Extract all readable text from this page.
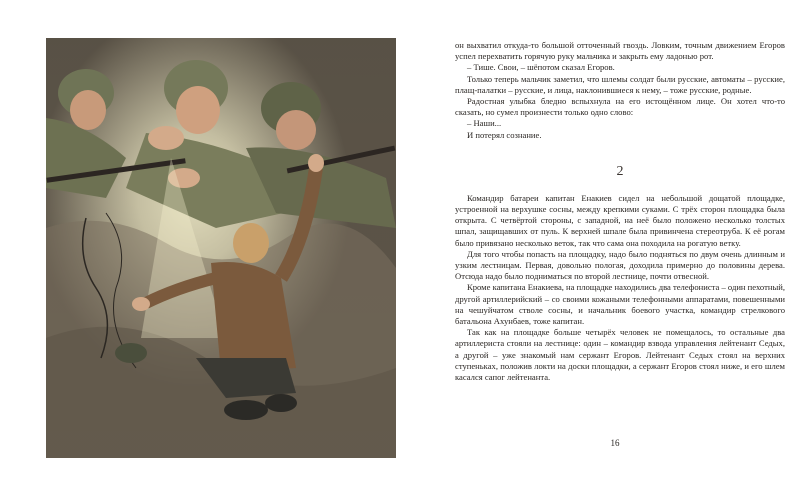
он выхватил откуда-то большой отточенный гвоздь. Ловким, точным движением Егоров успел перехватить горячую руку мальчика и закрыть ему ладонью рот.

– Тише. Свои, – шёпотом сказал Егоров.

Только теперь мальчик заметил, что шлемы солдат были русские, автоматы – русские, плащ-палатки – русские, и лица, наклонившиеся к нему, – тоже русские, родные.

Радостная улыбка бледно вспыхнула на его истощённом лице. Он хотел что-то сказать, но сумел произнести только одно слово:

– Наши...

И потерял сознание.

2

Командир батареи капитан Енакиев сидел на небольшой дощатой площадке, устроенной на верхушке сосны, между крепкими суками. С трёх сторон площадка была открыта. С четвёртой стороны, с западной, на неё было положено несколько толстых шпал, защищавших от пуль. К верхней шпале была привинчена стереотруба. К её рогам было привязано несколько веток, так что сама она походила на рогатую ветку.

Для того чтобы попасть на площадку, надо было подняться по двум очень длинным и узким лестницам. Первая, довольно пологая, доходила примерно до половины дерева. Отсюда надо было подниматься по второй лестнице, почти отвесной.

Кроме капитана Енакиева, на площадке находились два телефониста – один пехотный, другой артиллерийский – со своими кожаными телефонными аппаратами, повешенными на чешуйчатом стволе сосны, и начальник боевого участка, командир стрелкового батальона Ахунбаев, тоже капитан.

Так как на площадке больше четырёх человек не помещалось, то остальные два артиллериста стояли на лестнице: один – командир взвода управления лейтенант Седых, а другой – уже знакомый нам сержант Егоров. Лейтенант Седых стоял на верхних ступеньках, положив локти на доски площадки, а сержант Егоров стоял ниже, и его шлем касался сапог лейтенанта.

16
